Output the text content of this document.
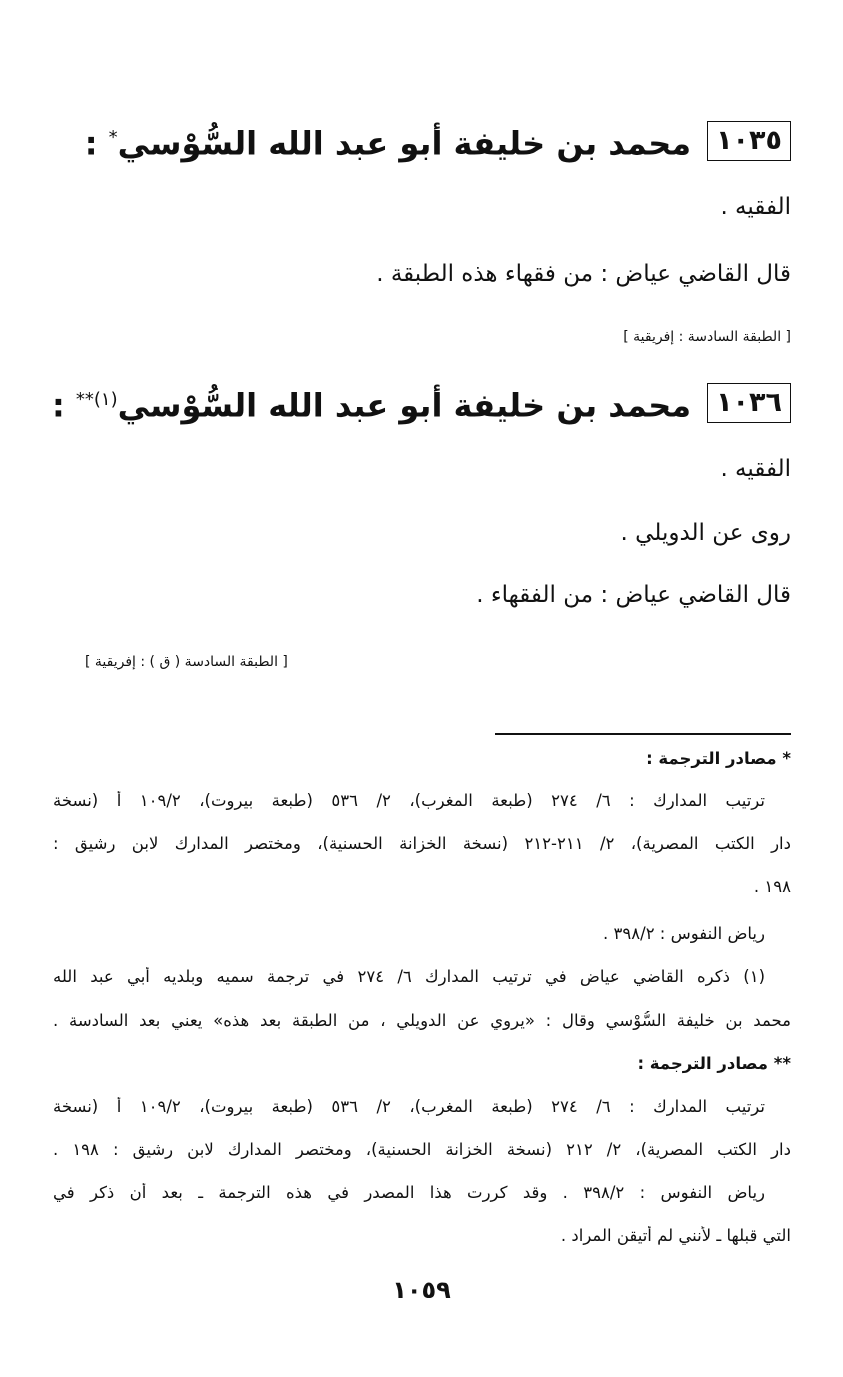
١٠٣٥
محمد بن خليفة أبو عبد الله السُّوْسي* :
الفقيه .
قال القاضي عياض : من فقهاء هذه الطبقة .
[ الطبقة السادسة : إفريقية ]
١٠٣٦
محمد بن خليفة أبو عبد الله السُّوْسي$^{(١)**}$ :
الفقيه .
روى عن الدويلي .
قال القاضي عياض : من الفقهاء .
[ الطبقة السادسة ( ق ) : إفريقية ]
* مصادر الترجمة :
ترتيب المدارك : ٦/ ٢٧٤ (طبعة المغرب)، ٢/ ٥٣٦ (طبعة بيروت)، ١٠٩/٢ أ (نسخة
دار الكتب المصرية)، ٢/ ٢١١-٢١٢ (نسخة الخزانة الحسنية)، ومختصر المدارك لابن رشيق :
١٩٨ .
رياض النفوس : ٣٩٨/٢ .
(١) ذكره القاضي عياض في ترتيب المدارك ٦/ ٢٧٤ في ترجمة سميه وبلديه أبي عبد الله
محمد بن خليفة السُّوْسي وقال : «يروي عن الدويلي ، من الطبقة بعد هذه» يعني بعد السادسة .
** مصادر الترجمة :
ترتيب المدارك : ٦/ ٢٧٤ (طبعة المغرب)، ٢/ ٥٣٦ (طبعة بيروت)، ١٠٩/٢ أ (نسخة
دار الكتب المصرية)، ٢/ ٢١٢ (نسخة الخزانة الحسنية)، ومختصر المدارك لابن رشيق : ١٩٨ .
رياض النفوس : ٣٩٨/٢ . وقد كررت هذا المصدر في هذه الترجمة ـ بعد أن ذكر في
التي قبلها ـ لأنني لم أتيقن المراد .
١٠٥٩
